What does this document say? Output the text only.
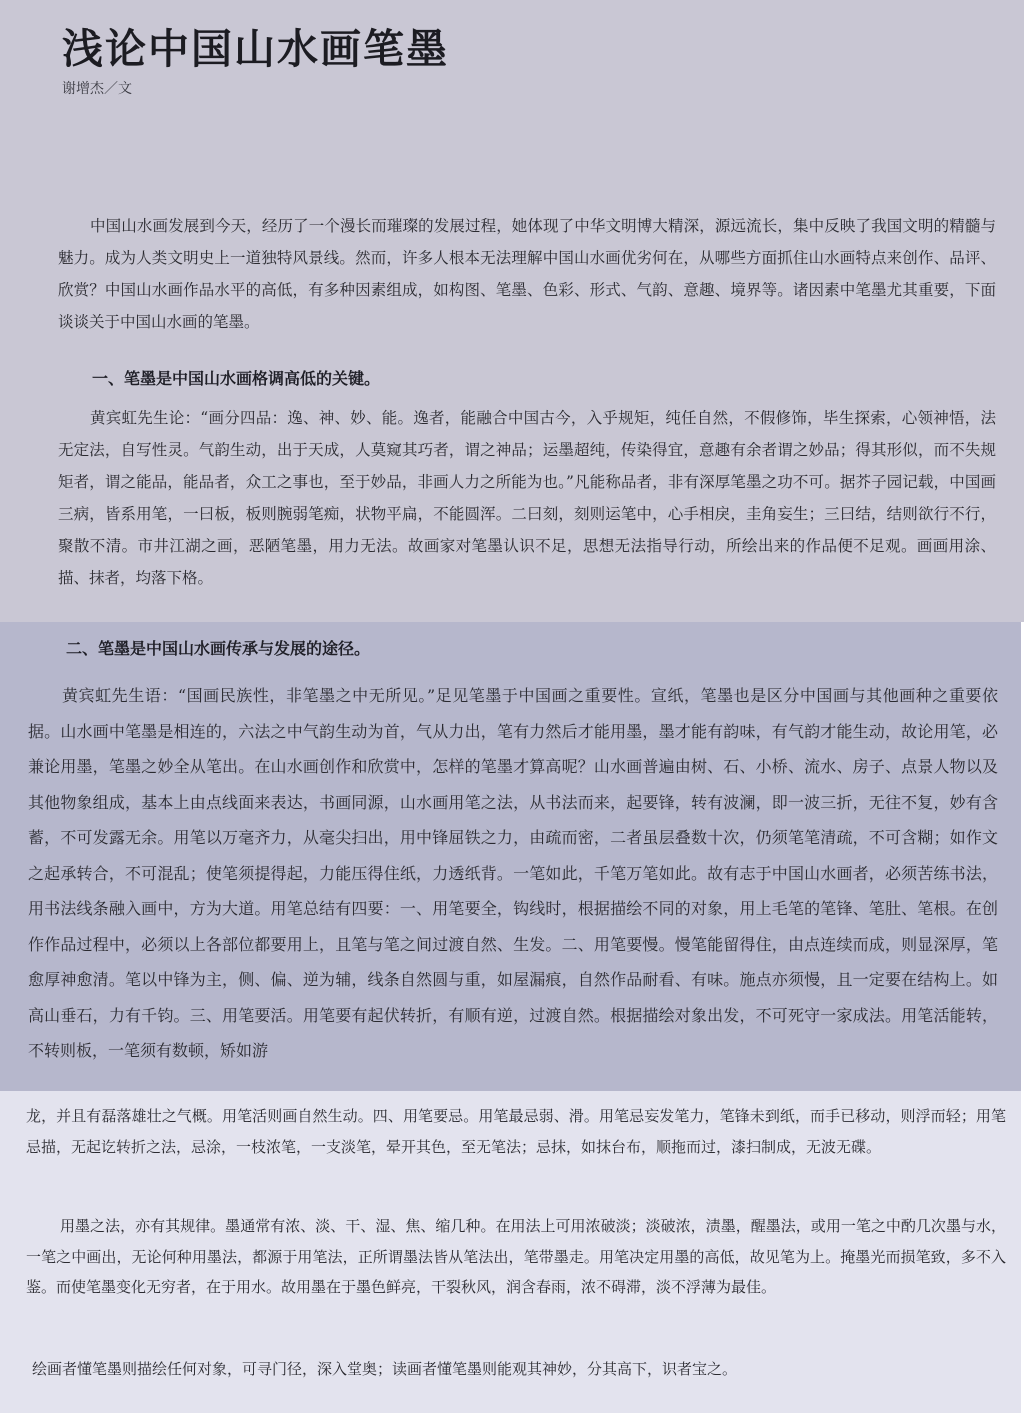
浅论中国山水画笔墨
谢增杰／文

中国山水画发展到今天，经历了一个漫长而璀璨的发展过程，她体现了中华文明博大精深，源远流长，集中反映了我国文明的精髓与魅力。成为人类文明史上一道独特风景线。然而，许多人根本无法理解中国山水画优劣何在，从哪些方面抓住山水画特点来创作、品评、欣赏？中国山水画作品水平的高低，有多种因素组成，如构图、笔墨、色彩、形式、气韵、意趣、境界等。诸因素中笔墨尤其重要，下面谈谈关于中国山水画的笔墨。

一、笔墨是中国山水画格调高低的关键。

黄宾虹先生论：“画分四品：逸、神、妙、能。逸者，能融合中国古今，入乎规矩，纯任自然，不假修饰，毕生探索，心领神悟，法无定法，自写性灵。气韵生动，出于天成，人莫窥其巧者，谓之神品；运墨超纯，传染得宜，意趣有余者谓之妙品；得其形似，而不失规矩者，谓之能品，能品者，众工之事也，至于妙品，非画人力之所能为也。”凡能称品者，非有深厚笔墨之功不可。据芥子园记载，中国画三病，皆系用笔，一曰板，板则腕弱笔痴，状物平扁，不能圆浑。二曰刻，刻则运笔中，心手相戾，圭角妄生；三曰结，结则欲行不行，聚散不清。市井江湖之画，恶陋笔墨，用力无法。故画家对笔墨认识不足，思想无法指导行动，所绘出来的作品便不足观。画画用涂、描、抹者，均落下格。

二、笔墨是中国山水画传承与发展的途径。

黄宾虹先生语：“国画民族性，非笔墨之中无所见。”足见笔墨于中国画之重要性。宣纸，笔墨也是区分中国画与其他画种之重要依据。山水画中笔墨是相连的，六法之中气韵生动为首，气从力出，笔有力然后才能用墨，墨才能有韵味，有气韵才能生动，故论用笔，必兼论用墨，笔墨之妙全从笔出。在山水画创作和欣赏中，怎样的笔墨才算高呢？山水画普遍由树、石、小桥、流水、房子、点景人物以及其他物象组成，基本上由点线面来表达，书画同源，山水画用笔之法，从书法而来，起要锋，转有波澜，即一波三折，无往不复，妙有含蓄，不可发露无余。用笔以万毫齐力，从毫尖扫出，用中锋屈铁之力，由疏而密，二者虽层叠数十次，仍须笔笔清疏，不可含糊；如作文之起承转合，不可混乱；使笔须提得起，力能压得住纸，力透纸背。一笔如此，千笔万笔如此。故有志于中国山水画者，必须苦练书法，用书法线条融入画中，方为大道。用笔总结有四要：一、用笔要全，钩线时，根据描绘不同的对象，用上毛笔的笔锋、笔肚、笔根。在创作作品过程中，必须以上各部位都要用上，且笔与笔之间过渡自然、生发。二、用笔要慢。慢笔能留得住，由点连续而成，则显深厚，笔愈厚神愈清。笔以中锋为主，侧、偏、逆为辅，线条自然圆与重，如屋漏痕，自然作品耐看、有味。施点亦须慢，且一定要在结构上。如高山垂石，力有千钧。三、用笔要活。用笔要有起伏转折，有顺有逆，过渡自然。根据描绘对象出发，不可死守一家成法。用笔活能转，不转则板，一笔须有数顿，矫如游

龙，并且有磊落雄壮之气概。用笔活则画自然生动。四、用笔要忌。用笔最忌弱、滑。用笔忌妄发笔力，笔锋未到纸，而手已移动，则浮而轻；用笔忌描，无起讫转折之法，忌涂，一枝浓笔，一支淡笔，晕开其色，至无笔法；忌抹，如抹台布，顺拖而过，漆扫制成，无波无碟。

用墨之法，亦有其规律。墨通常有浓、淡、干、湿、焦、缩几种。在用法上可用浓破淡；淡破浓，渍墨，醒墨法，或用一笔之中酌几次墨与水，一笔之中画出，无论何种用墨法，都源于用笔法，正所谓墨法皆从笔法出，笔带墨走。用笔决定用墨的高低，故见笔为上。掩墨光而损笔致，多不入鉴。而使笔墨变化无穷者，在于用水。故用墨在于墨色鲜亮，干裂秋风，润含春雨，浓不碍滞，淡不浮薄为最佳。

绘画者懂笔墨则描绘任何对象，可寻门径，深入堂奥；读画者懂笔墨则能观其神妙，分其高下，识者宝之。
